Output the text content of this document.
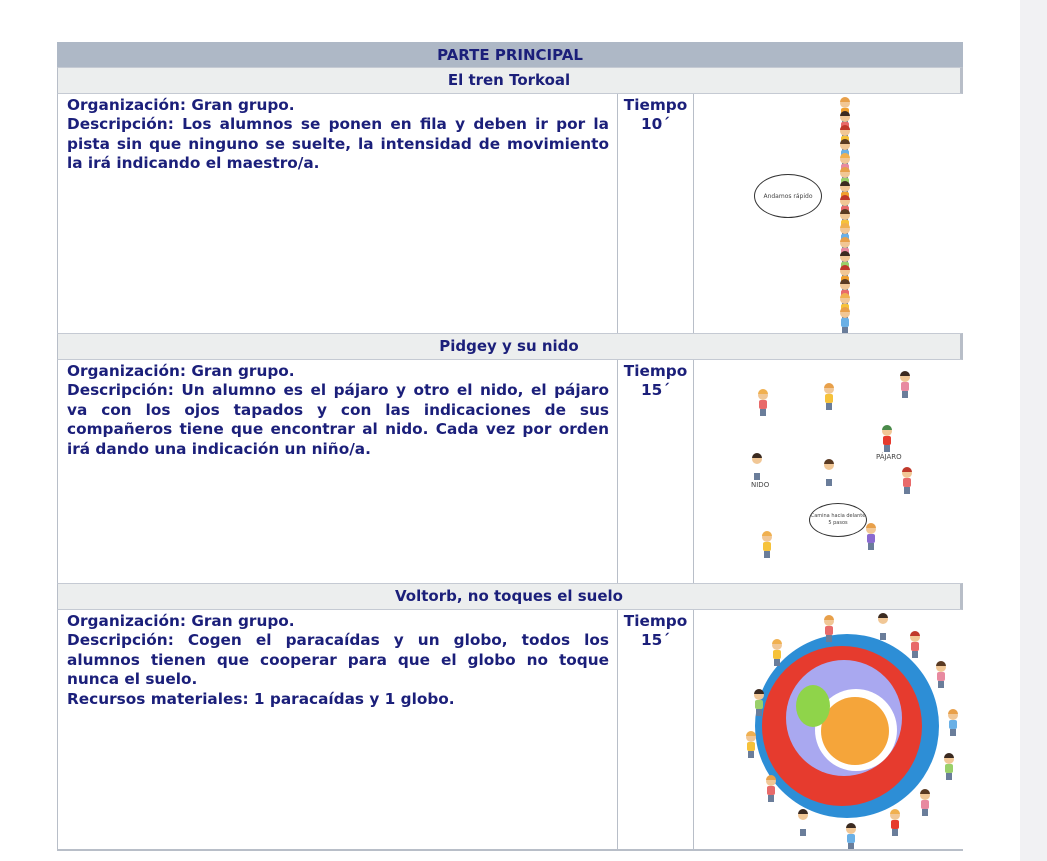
PARTE PRINCIPAL
El tren Torkoal

Organización: Gran grupo.

Descripción: Los alumnos se ponen en fila y deben ir por la pista sin que ninguno se suelte, la intensidad de movimiento la irá indicando el maestro/a.

Tiempo
10´
Andamos rápido
Pidgey y su nido

Organización: Gran grupo.

Descripción: Un alumno es el pájaro y otro el nido, el pájaro va con los ojos tapados y con las indicaciones de sus compañeros tiene que encontrar al nido. Cada vez por orden irá dando una indicación un niño/a.

Tiempo
15´
PÁJARO
NIDO
Camina hacia delante 5 pasos
Voltorb, no toques el suelo

Organización: Gran grupo.

Descripción: Cogen el paracaídas y un globo, todos los alumnos tienen que cooperar para que el globo no toque nunca el suelo.

Recursos materiales: 1 paracaídas y 1 globo.

Tiempo
15´
